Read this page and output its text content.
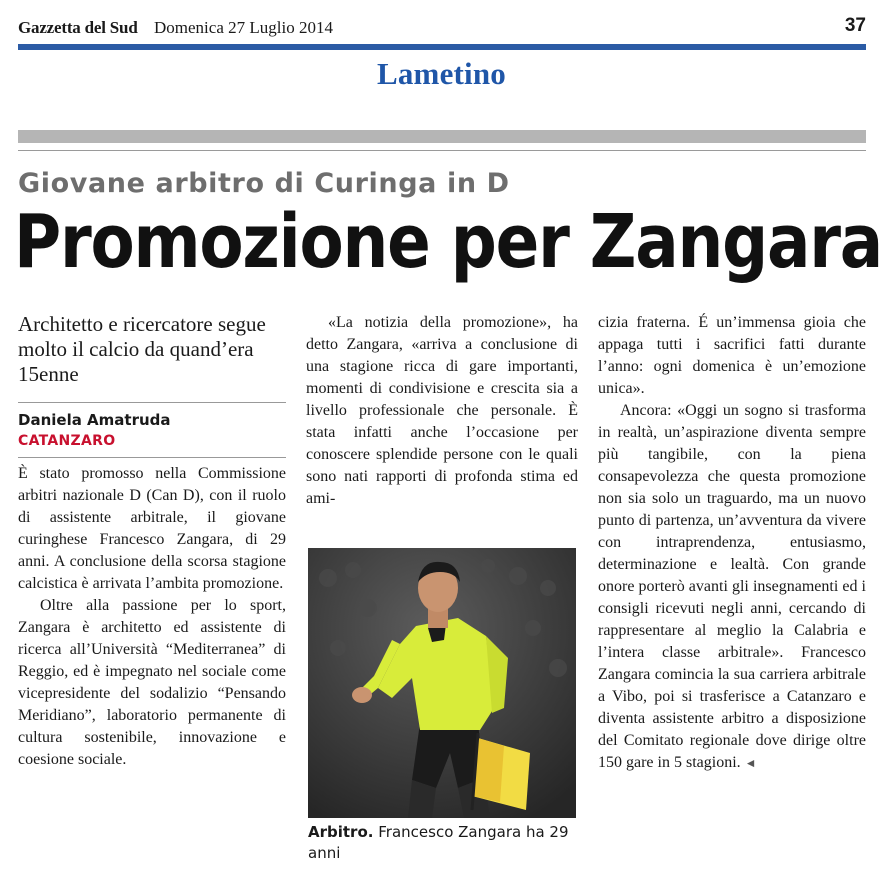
Gazzetta del Sud Domenica 27 Luglio 2014	37
Lametino
Giovane arbitro di Curinga in D
Promozione per Zangara
Architetto e ricercatore segue molto il calcio da quand’era 15enne
Daniela Amatruda
CATANZARO

È stato promosso nella Commissione arbitri nazionale D (Can D), con il ruolo di assistente arbitrale, il giovane curinghese Francesco Zangara, di 29 anni. A conclusione della scorsa stagione calcistica è arrivata l’ambita promozione.

Oltre alla passione per lo sport, Zangara è architetto ed assistente di ricerca all’Università “Mediterranea” di Reggio, ed è impegnato nel sociale come vicepresidente del sodalizio “Pensando Meridiano”, laboratorio permanente di cultura sostenibile, innovazione e coesione sociale.

«La notizia della promozione», ha detto Zangara, «arriva a conclusione di una stagione ricca di gare importanti, momenti di condivisione e crescita sia a livello professionale che personale. È stata infatti anche l’occasione per conoscere splendide persone con le quali sono nati rapporti di profonda stima ed ami-

Arbitro. Francesco Zangara ha 29 anni

cizia fraterna. É un’immensa gioia che appaga tutti i sacrifici fatti durante l’anno: ogni domenica è un’emozione unica».

Ancora: «Oggi un sogno si trasforma in realtà, un’aspirazione diventa sempre più tangibile, con la piena consapevolezza che questa promozione non sia solo un traguardo, ma un nuovo punto di partenza, un’avventura da vivere con intraprendenza, entusiasmo, determinazione e lealtà. Con grande onore porterò avanti gli insegnamenti ed i consigli ricevuti negli anni, cercando di rappresentare al meglio la Calabria e l’intera classe arbitrale». Francesco Zangara comincia la sua carriera arbitrale a Vibo, poi si trasferisce a Catanzaro e diventa assistente arbitro a disposizione del Comitato regionale dove dirige oltre 150 gare in 5 stagioni. ◄
